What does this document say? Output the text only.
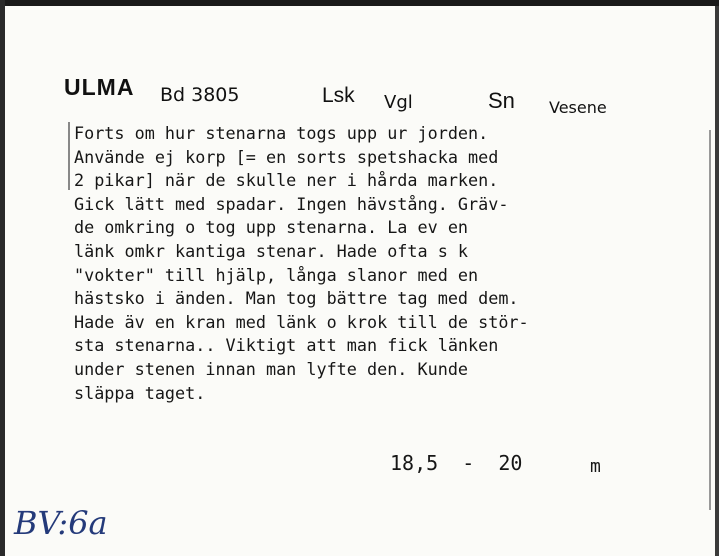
ULMA Bd 3805	Lsk Vgl	Sn Vesene
Forts om hur stenarna togs upp ur jorden.
Använde ej korp [= en sorts spetshacka med
2 pikar] när de skulle ner i hårda marken.
Gick lätt med spadar. Ingen hävstång. Gräv-
de omkring o tog upp stenarna. La ev en
länk omkr kantiga stenar. Hade ofta s k
"vokter" till hjälp, långa slanor med en
hästsko i änden. Man tog bättre tag med dem.
Hade äv en kran med länk o krok till de stör-
sta stenarna.. Viktigt att man fick länken
under stenen innan man lyfte den. Kunde
släppa taget.
18,5  -  20	m
BV:6a
